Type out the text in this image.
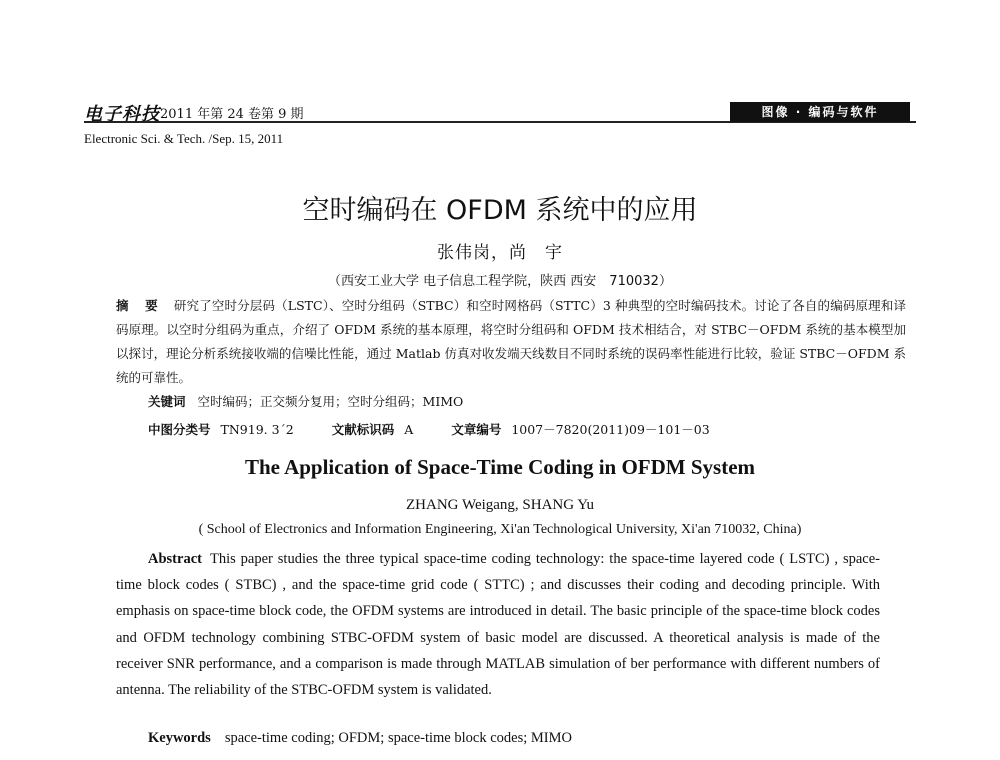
电子科技 2011 年第 24 卷第 9 期
Electronic Sci. & Tech. /Sep. 15, 2011
图像 · 编码与软件
空时编码在 OFDM 系统中的应用
张伟岗，尚　宇
（西安工业大学 电子信息工程学院，陕西 西安　710032）
摘 要 研究了空时分层码（LSTC）、空时分组码（STBC）和空时网格码（STTC）3 种典型的空时编码技术。讨论了各自的编码原理和译码原理。以空时分组码为重点，介绍了 OFDM 系统的基本原理，将空时分组码和 OFDM 技术相结合，对 STBC－OFDM 系统的基本模型加以探讨，理论分析系统接收端的信噪比性能，通过 Matlab 仿真对收发端天线数目不同时系统的误码率性能进行比较，验证 STBC－OFDM 系统的可靠性。
关键词 空时编码；正交频分复用；空时分组码；MIMO
中图分类号 TN919. 3ˊ2	文献标识码 A	文章编号 1007－7820(2011)09－101－03
The Application of Space-Time Coding in OFDM System
ZHANG Weigang, SHANG Yu
( School of Electronics and Information Engineering, Xi'an Technological University, Xi'an 710032, China)
Abstract This paper studies the three typical space-time coding technology: the space-time layered code ( LSTC) , space-time block codes ( STBC) , and the space-time grid code ( STTC) ; and discusses their coding and decoding principle. With emphasis on space-time block code, the OFDM systems are introduced in detail. The basic principle of the space-time block codes and OFDM technology combining STBC-OFDM system of basic model are discussed. A theoretical analysis is made of the receiver SNR performance, and a comparison is made through MATLAB simulation of ber performance with different numbers of antenna. The reliability of the STBC-OFDM system is validated.
Keywords space-time coding; OFDM; space-time block codes; MIMO
